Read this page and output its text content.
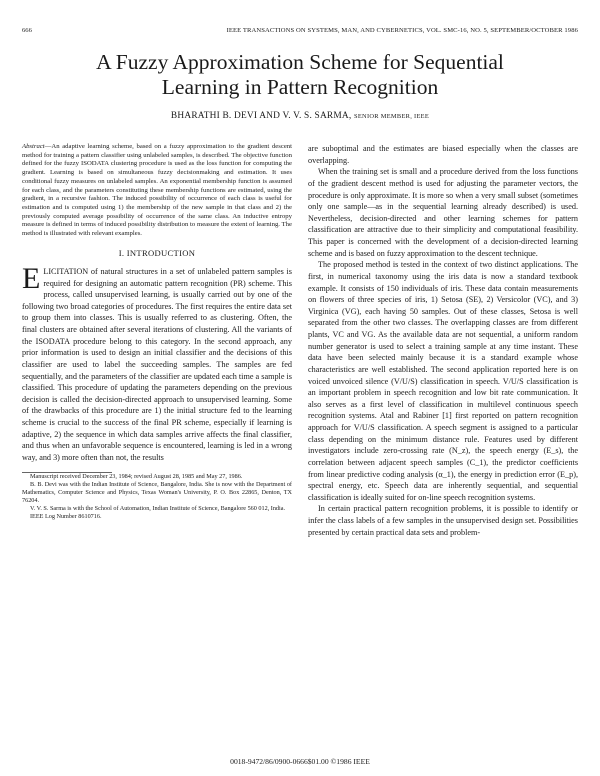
666	IEEE TRANSACTIONS ON SYSTEMS, MAN, AND CYBERNETICS, VOL. SMC-16, NO. 5, SEPTEMBER/OCTOBER 1986
A Fuzzy Approximation Scheme for Sequential
Learning in Pattern Recognition
BHARATHI B. DEVI AND V. V. S. SARMA, SENIOR MEMBER, IEEE

Abstract—An adaptive learning scheme, based on a fuzzy approximation to the gradient descent method for training a pattern classifier using unlabeled samples, is described. The objective function defined for the fuzzy ISODATA clustering procedure is used as the loss function for computing the gradient. Learning is based on simultaneous fuzzy decisionmaking and estimation. It uses conditional fuzzy measures on unlabeled samples. An exponential membership function is assumed for each class, and the parameters constituting these membership functions are estimated, using the gradient, in a recursive fashion. The induced possibility of occurrence of each class is useful for estimation and is computed using 1) the membership of the new sample in that class and 2) the previously computed average possibility of occurrence of the same class. An inductive entropy measure is defined in terms of induced possibility distribution to measure the extent of learning. The method is illustrated with relevant examples.

I. INTRODUCTION

ELICITATION of natural structures in a set of unlabeled pattern samples is required for designing an automatic pattern recognition (PR) scheme. This process, called unsupervised learning, is usually carried out by one of the following two broad categories of procedures. The first requires the entire data set to group them into classes. This is usually referred to as clustering. Often, the final clusters are obtained after several iterations of clustering. All the variants of the ISODATA procedure belong to this category. In the second approach, any prior information is used to design an initial classifier and the decisions of this classifier are used to label the succeeding samples. The samples are fed sequentially, and the parameters of the classifier are updated each time a sample is classified. This procedure of updating the parameters depending on the previous decision is called the decision-directed approach to unsupervised learning. Some of the drawbacks of this procedure are 1) the initial structure fed to the learning scheme is crucial to the success of the final PR scheme, especially if learning is adaptive, 2) the sequence in which data samples arrive affects the final classifier, and thus when an unfavorable sequence is encountered, learning is led in a wrong way, and 3) more often than not, the results

Manuscript received December 23, 1984; revised August 28, 1985 and May 27, 1986.

B. B. Devi was with the Indian Institute of Science, Bangalore, India. She is now with the Department of Mathematics, Computer Science and Physics, Texas Woman's University, P. O. Box 22865, Denton, TX 76204.

V. V. S. Sarma is with the School of Automation, Indian Institute of Science, Bangalore 560 012, India.

IEEE Log Number 8610716.

are suboptimal and the estimates are biased especially when the classes are overlapping.

When the training set is small and a procedure derived from the loss functions of the gradient descent method is used for adjusting the parameter vectors, the procedure is only approximate. It is more so when a very small subset (sometimes only one sample—as in the sequential learning already described) is used. Nevertheless, decision-directed and other learning schemes for pattern classification are attractive due to their simplicity and computational feasibility. This paper is concerned with the development of a decision-directed learning scheme and is based on fuzzy approximation to the descent technique.

The proposed method is tested in the context of two distinct applications. The first, in numerical taxonomy using the iris data is now a standard textbook example. It consists of 150 individuals of iris. These data contain measurements on flowers of three species of iris, 1) Setosa (SE), 2) Versicolor (VC), and 3) Virginica (VG), each having 50 samples. Out of these classes, Setosa is well separated from the other two classes. The overlapping classes are from different plants, VC and VG. As the available data are not sequential, a uniform random number generator is used to select a training sample at any time instant. These data have been selected mainly because it is a standard example whose characteristics are well established. The second application reported here is on voiced unvoiced silence (V/U/S) classification in speech. V/U/S classification is an important problem in speech recognition and low bit rate communication. It also serves as a first level of classification in multilevel continuous speech recognition systems. Atal and Rabiner [1] first reported on pattern recognition approach for V/U/S classification. A speech segment is assigned to a particular class depending on the minimum distance rule. Features used by different investigators include zero-crossing rate (N_z), the speech energy (E_s), the correlation between adjacent speech samples (C_1), the predictor coefficients from linear predictive coding analysis (α_1), the energy in prediction error (E_p), spectral energy, etc. Speech data are inherently sequential, and sequential classification is ideally suited for on-line speech recognition systems.

In certain practical pattern recognition problems, it is possible to identify or infer the class labels of a few samples in the unsupervised design set. Possibilities presented by certain practical data sets and problem-

0018-9472/86/0900-0666$01.00 ©1986 IEEE
